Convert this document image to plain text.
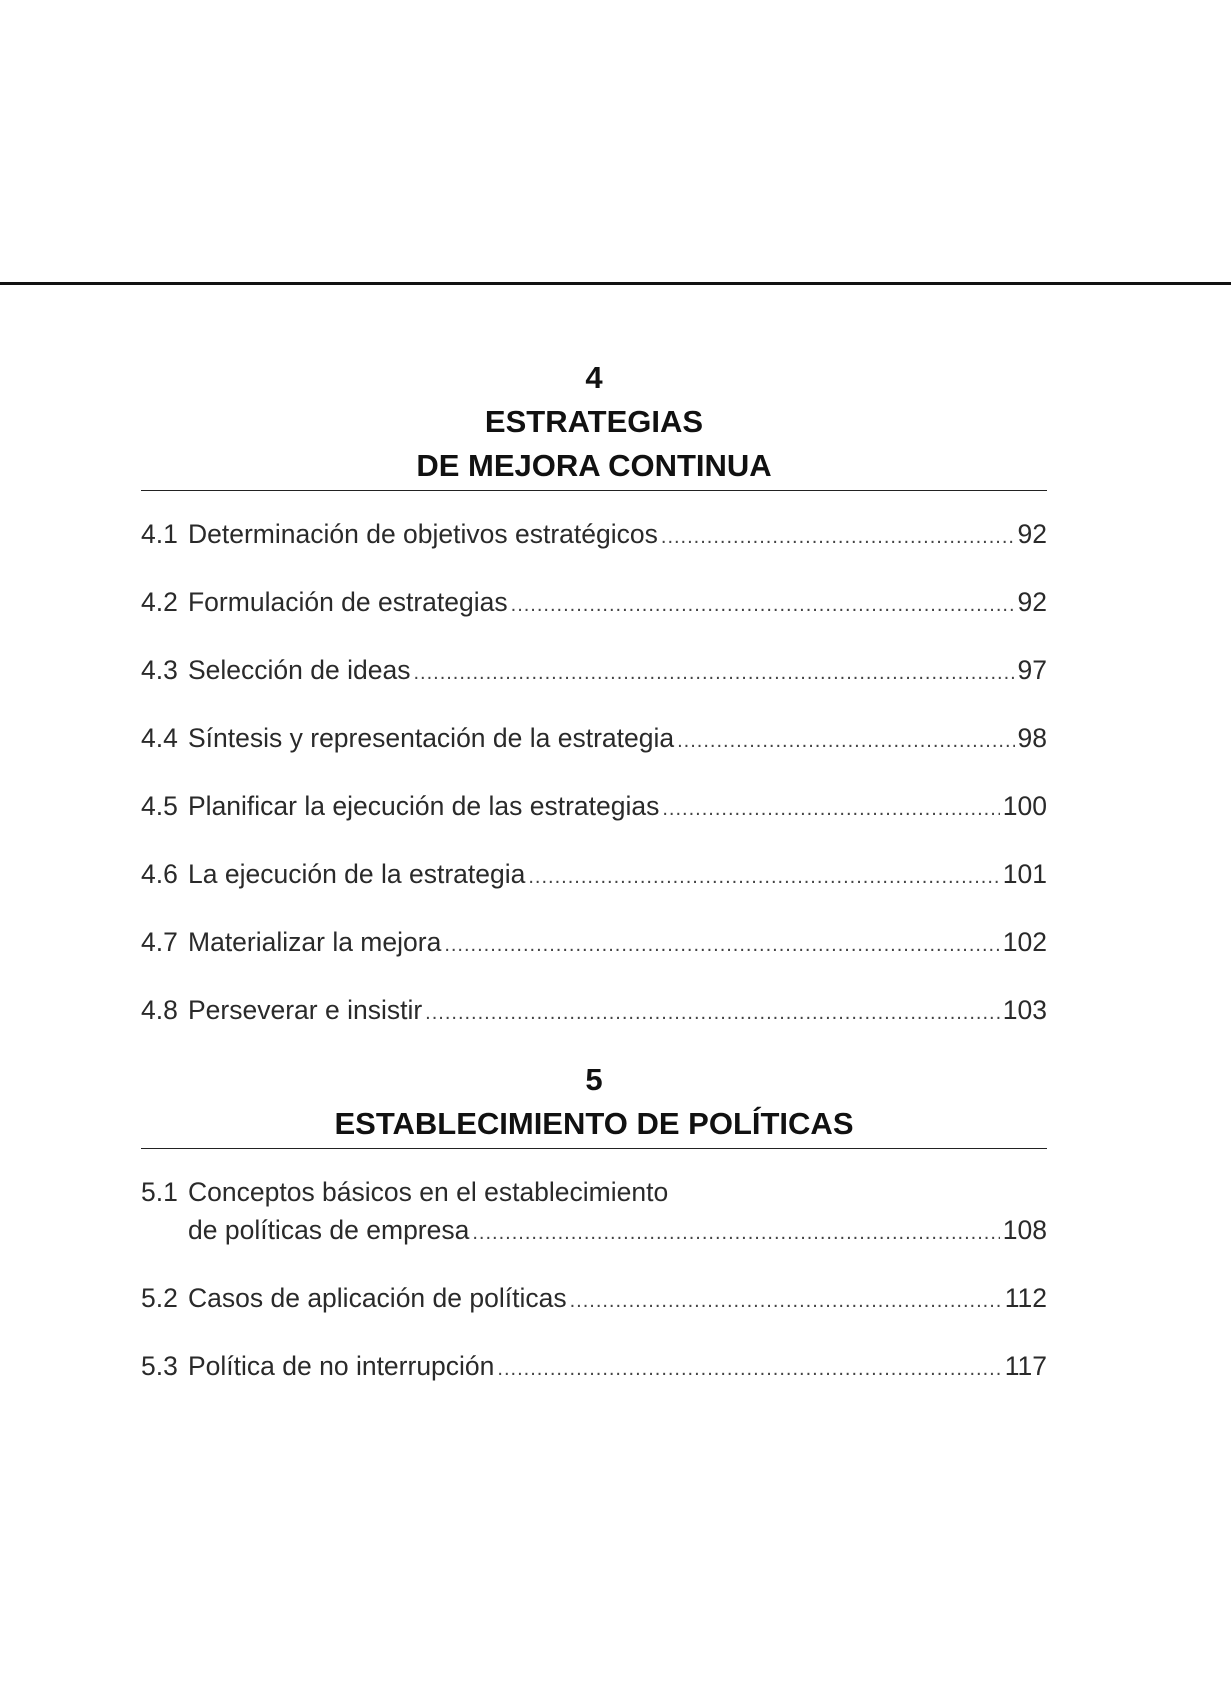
4
ESTRATEGIAS
DE MEJORA CONTINUA
4.1 Determinación de objetivos estratégicos .....	92
4.2 Formulación de estrategias .....	92
4.3 Selección de ideas .....	97
4.4 Síntesis y representación de la estrategia .....	98
4.5 Planificar la ejecución de las estrategias .....	100
4.6 La ejecución de la estrategia .....	101
4.7 Materializar la mejora .....	102
4.8 Perseverar e insistir .....	103
5
ESTABLECIMIENTO DE POLÍTICAS
5.1 Conceptos básicos en el establecimiento
de políticas de empresa .....	108
5.2 Casos de aplicación de políticas .....	112
5.3 Política de no interrupción .....	117
